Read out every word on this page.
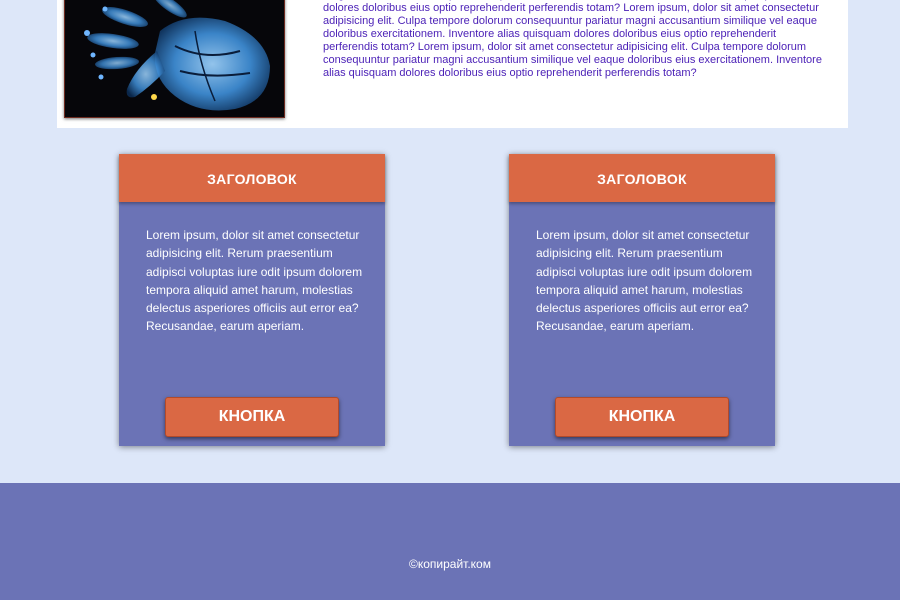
dolores doloribus eius optio reprehenderit perferendis totam? Lorem ipsum, dolor sit amet consectetur adipisicing elit. Culpa tempore dolorum consequuntur pariatur magni accusantium similique vel eaque doloribus exercitationem. Inventore alias quisquam dolores doloribus eius optio reprehenderit perferendis totam? Lorem ipsum, dolor sit amet consectetur adipisicing elit. Culpa tempore dolorum consequuntur pariatur magni accusantium similique vel eaque doloribus eius exercitationem. Inventore alias quisquam dolores doloribus eius optio reprehenderit perferendis totam?

ЗАГОЛОВОК

Lorem ipsum, dolor sit amet consectetur adipisicing elit. Rerum praesentium adipisci voluptas iure odit ipsum dolorem tempora aliquid amet harum, molestias delectus asperiores officiis aut error ea? Recusandae, earum aperiam.

КНОПКА
ЗАГОЛОВОК

Lorem ipsum, dolor sit amet consectetur adipisicing elit. Rerum praesentium adipisci voluptas iure odit ipsum dolorem tempora aliquid amet harum, molestias delectus asperiores officiis aut error ea? Recusandae, earum aperiam.

КНОПКА
©копирайт.ком
